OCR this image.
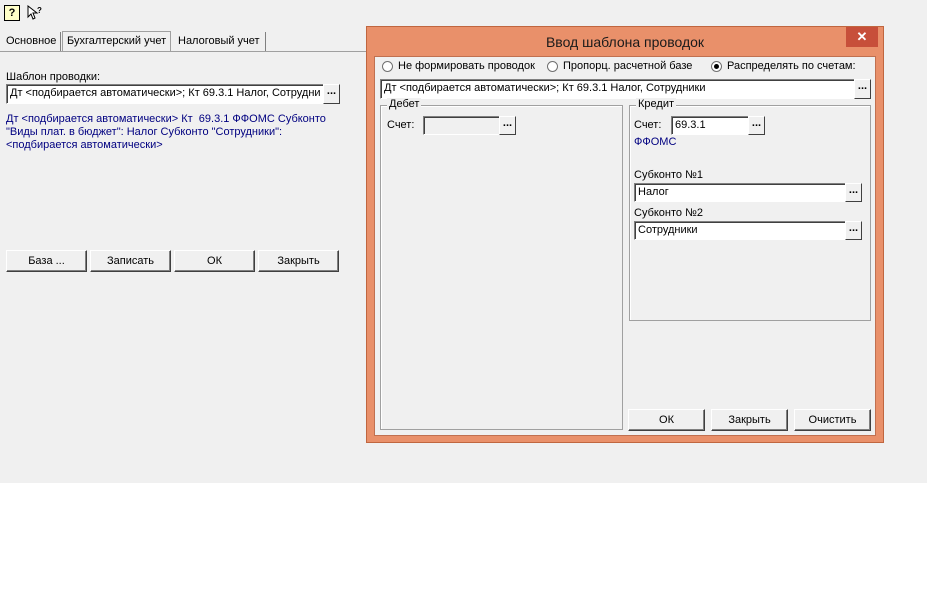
?	?
Основное Бухгалтерский учет	Налоговый учет
Шаблон проводки:
Дт <подбирается автоматически>; Кт 69.3.1 Налог, Сотрудни ...
Дт <подбирается автоматически> Кт  69.3.1 ФФОМС Субконто
"Виды плат. в бюджет": Налог Субконто "Сотрудники":
<подбирается автоматически>
База ...	Записать	ОК	Закрыть
Ввод шаблона проводок	✕
Не формировать проводок	Пропорц. расчетной базе	Распределять по счетам:
Дт <подбирается автоматически>; Кт 69.3.1 Налог, Сотрудники	...
Дебет
Счет:	...
Кредит
Счет:	69.3.1	...
ФФОМС
Субконто №1
Налог	...
Субконто №2
Сотрудники	...
ОК	Закрыть	Очистить
